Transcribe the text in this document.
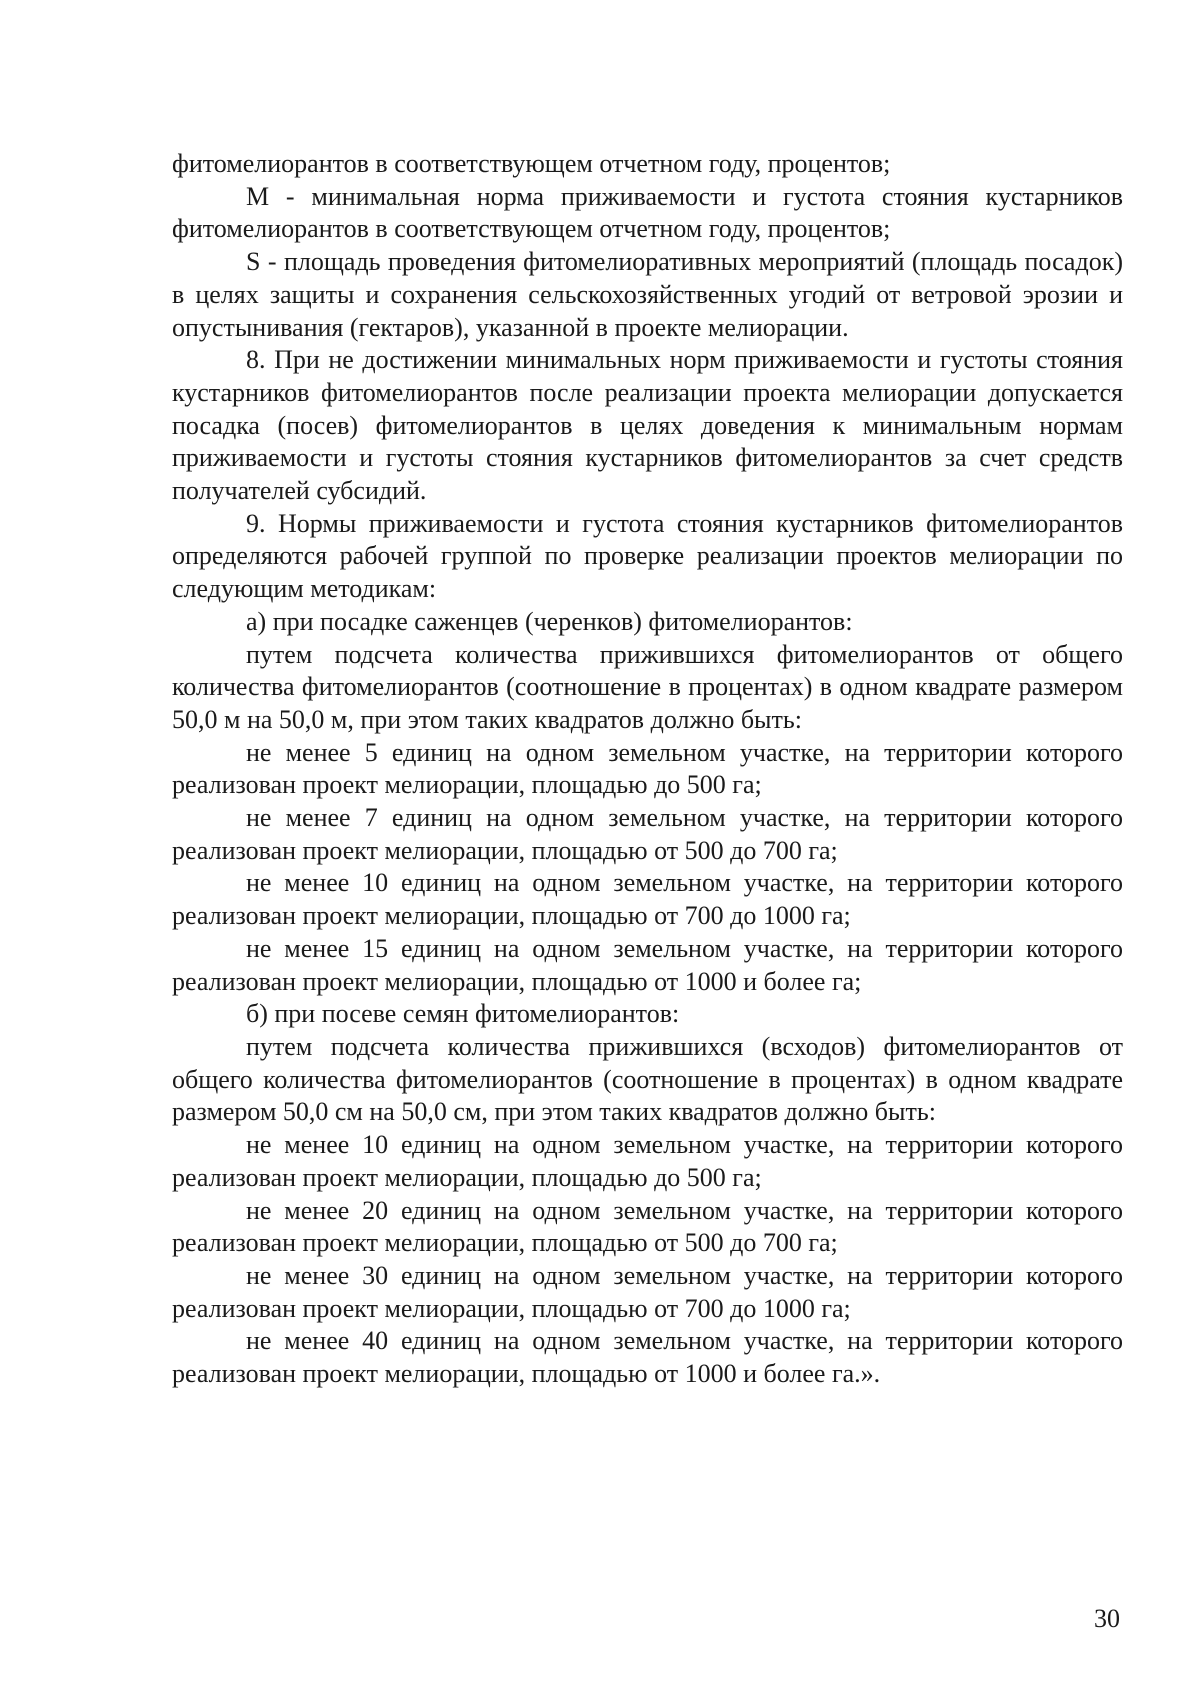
фитомелиорантов в соответствующем отчетном году, процентов;

М - минимальная норма приживаемости и густота стояния кустарников фитомелиорантов в соответствующем отчетном году, процентов;

S - площадь проведения фитомелиоративных мероприятий (площадь посадок) в целях защиты и сохранения сельскохозяйственных угодий от ветровой эрозии и опустынивания (гектаров), указанной в проекте мелиорации.

8. При не достижении минимальных норм приживаемости и густоты стояния кустарников фитомелиорантов после реализации проекта мелиорации допускается посадка (посев) фитомелиорантов в целях доведения к минимальным нормам приживаемости и густоты стояния кустарников фитомелиорантов за счет средств получателей субсидий.

9. Нормы приживаемости и густота стояния кустарников фитомелиорантов определяются рабочей группой по проверке реализации проектов мелиорации по следующим методикам:

а) при посадке саженцев (черенков) фитомелиорантов:

путем подсчета количества прижившихся фитомелиорантов от общего количества фитомелиорантов (соотношение в процентах) в одном квадрате размером 50,0 м на 50,0 м, при этом таких квадратов должно быть:

не менее 5 единиц на одном земельном участке, на территории которого реализован проект мелиорации, площадью до 500 га;

не менее 7 единиц на одном земельном участке, на территории которого реализован проект мелиорации, площадью от 500 до 700 га;

не менее 10 единиц на одном земельном участке, на территории которого реализован проект мелиорации, площадью от 700 до 1000 га;

не менее 15 единиц на одном земельном участке, на территории которого реализован проект мелиорации, площадью от 1000 и более га;

б) при посеве семян фитомелиорантов:

путем подсчета количества прижившихся (всходов) фитомелиорантов от общего количества фитомелиорантов (соотношение в процентах) в одном квадрате размером 50,0 см на 50,0 см, при этом таких квадратов должно быть:

не менее 10 единиц на одном земельном участке, на территории которого реализован проект мелиорации, площадью до 500 га;

не менее 20 единиц на одном земельном участке, на территории которого реализован проект мелиорации, площадью от 500 до 700 га;

не менее 30 единиц на одном земельном участке, на территории которого реализован проект мелиорации, площадью от 700 до 1000 га;

не менее 40 единиц на одном земельном участке, на территории которого реализован проект мелиорации, площадью от 1000 и более га.».

30
